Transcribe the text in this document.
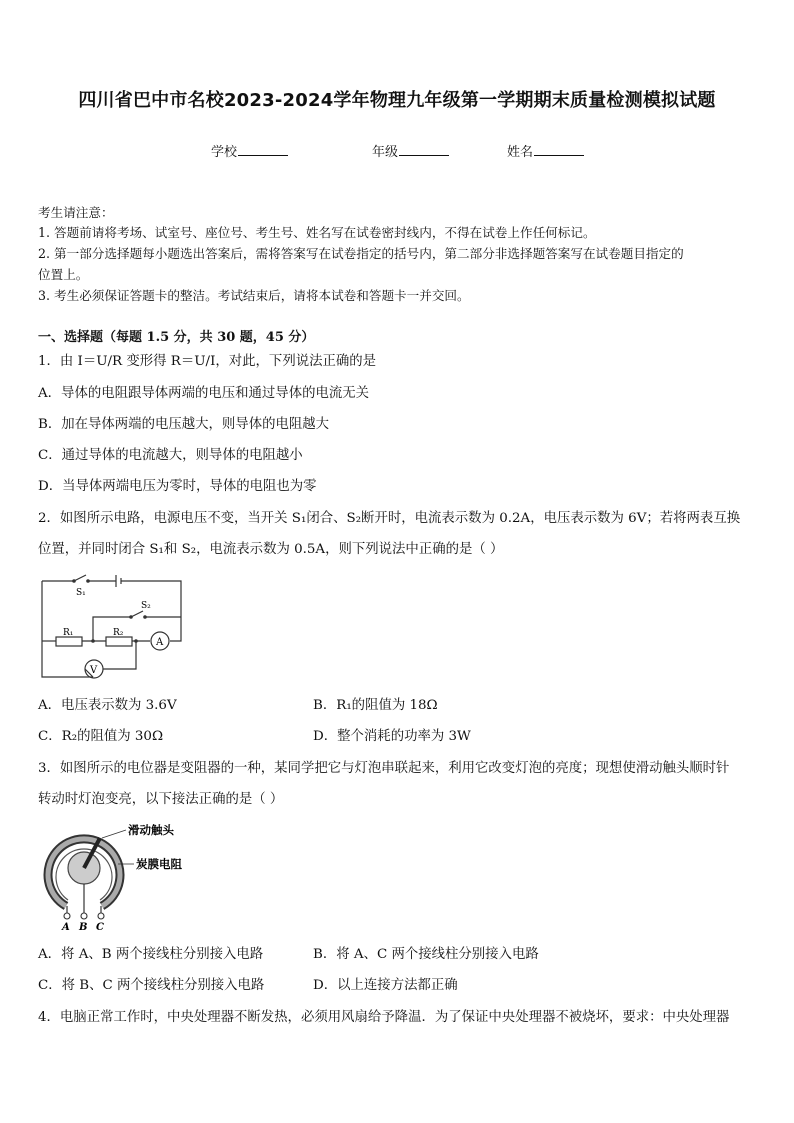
四川省巴中市名校2023-2024学年物理九年级第一学期期末质量检测模拟试题
学校	年级	姓名
考生请注意：
1. 答题前请将考场、试室号、座位号、考生号、姓名写在试卷密封线内，不得在试卷上作任何标记。
2. 第一部分选择题每小题选出答案后，需将答案写在试卷指定的括号内，第二部分非选择题答案写在试卷题目指定的
位置上。
3. 考生必须保证答题卡的整洁。考试结束后，请将本试卷和答题卡一并交回。
一、选择题（每题 1.5 分，共 30 题，45 分）
1．由 I＝U/R 变形得 R＝U/I，对此，下列说法正确的是
A．导体的电阻跟导体两端的电压和通过导体的电流无关
B．加在导体两端的电压越大，则导体的电阻越大
C．通过导体的电流越大，则导体的电阻越小
D．当导体两端电压为零时，导体的电阻也为零
2．如图所示电路，电源电压不变，当开关 S₁闭合、S₂断开时，电流表示数为 0.2A，电压表示数为 6V；若将两表互换
位置，并同时闭合 S₁和 S₂，电流表示数为 0.5A，则下列说法中正确的是（ ）
S₁
S₂
R₁	R₂
A
V
A．电压表示数为 3.6V	B．R₁的阻值为 18Ω
C．R₂的阻值为 30Ω	D．整个消耗的功率为 3W
3．如图所示的电位器是变阻器的一种，某同学把它与灯泡串联起来，利用它改变灯泡的亮度；现想使滑动触头顺时针
转动时灯泡变亮，以下接法正确的是（ ）
A B C
滑动触头
炭膜电阻
A．将 A、B 两个接线柱分别接入电路	B．将 A、C 两个接线柱分别接入电路
C．将 B、C 两个接线柱分别接入电路	D．以上连接方法都正确
4．电脑正常工作时，中央处理器不断发热，必须用风扇给予降温．为了保证中央处理器不被烧坏，要求：中央处理器
